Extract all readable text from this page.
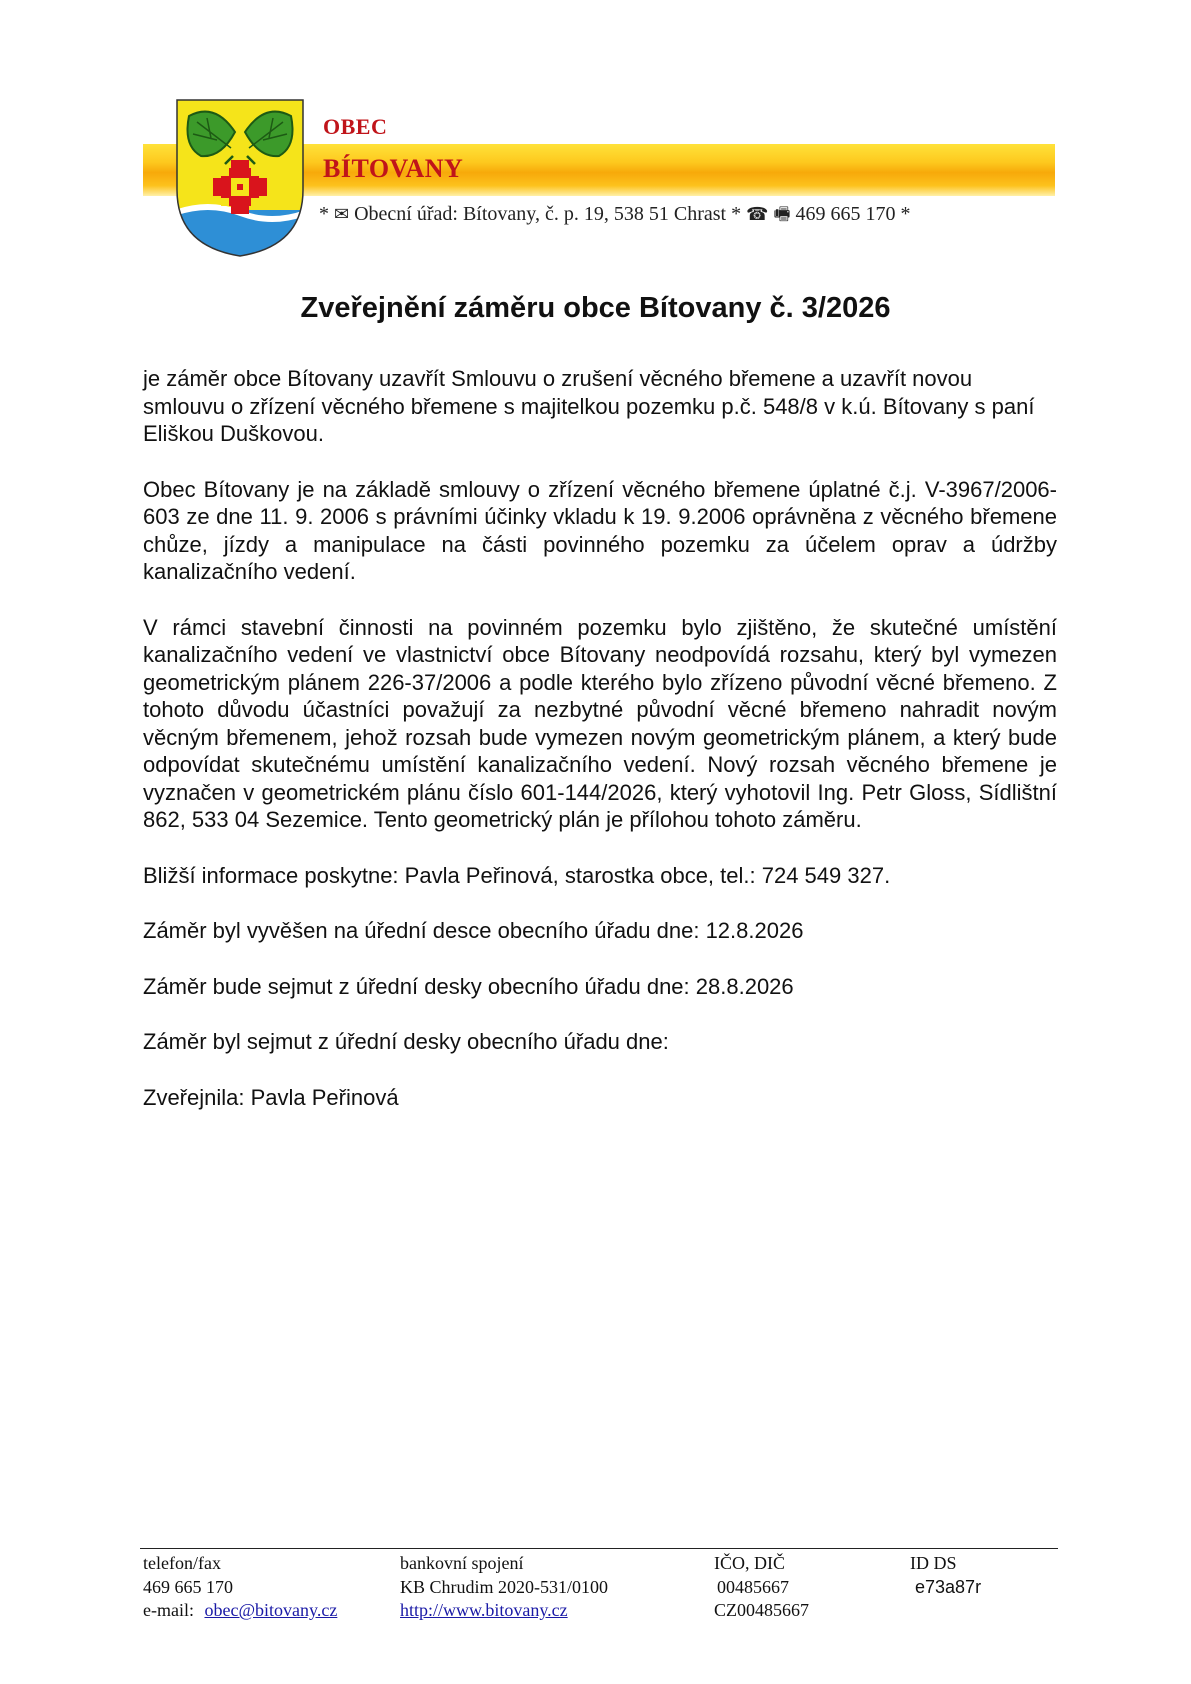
OBEC
BÍTOVANY
* ✉ Obecní úřad: Bítovany, č. p. 19, 538 51 Chrast * ☎ 🖷 469 665 170 *
Zveřejnění záměru obce Bítovany č. 3/2026

je záměr obce Bítovany uzavřít Smlouvu o zrušení věcného břemene a uzavřít novou smlouvu o zřízení věcného břemene s majitelkou pozemku p.č. 548/8 v k.ú. Bítovany s paní Eliškou Duškovou.

Obec Bítovany je na základě smlouvy o zřízení věcného břemene úplatné č.j. V-3967/2006-603 ze dne 11. 9. 2006 s právními účinky vkladu k 19. 9.2006 oprávněna z věcného břemene chůze, jízdy a manipulace na části povinného pozemku za účelem oprav a údržby kanalizačního vedení.

V rámci stavební činnosti na povinném pozemku bylo zjištěno, že skutečné umístění kanalizačního vedení ve vlastnictví obce Bítovany neodpovídá rozsahu, který byl vymezen geometrickým plánem 226-37/2006 a podle kterého bylo zřízeno původní věcné břemeno. Z tohoto důvodu účastníci považují za nezbytné původní věcné břemeno nahradit novým věcným břemenem, jehož rozsah bude vymezen novým geometrickým plánem, a který bude odpovídat skutečnému umístění kanalizačního vedení. Nový rozsah věcného břemene je vyznačen v geometrickém plánu číslo 601-144/2026, který vyhotovil Ing. Petr Gloss, Sídlištní 862, 533 04 Sezemice. Tento geometrický plán je přílohou tohoto záměru.

Bližší informace poskytne: Pavla Peřinová, starostka obce, tel.: 724 549 327.

Záměr byl vyvěšen na úřední desce obecního úřadu dne: 12.8.2026

Záměr bude sejmut z úřední desky obecního úřadu dne: 28.8.2026

Záměr byl sejmut z úřední desky obecního úřadu dne:

Zveřejnila: Pavla Peřinová

telefon/fax
469 665 170
e-mail: obec@bitovany.cz
bankovní spojení
KB Chrudim 2020-531/0100
http://www.bitovany.cz
IČO, DIČ
00485667
CZ00485667
ID DS
e73a87r
